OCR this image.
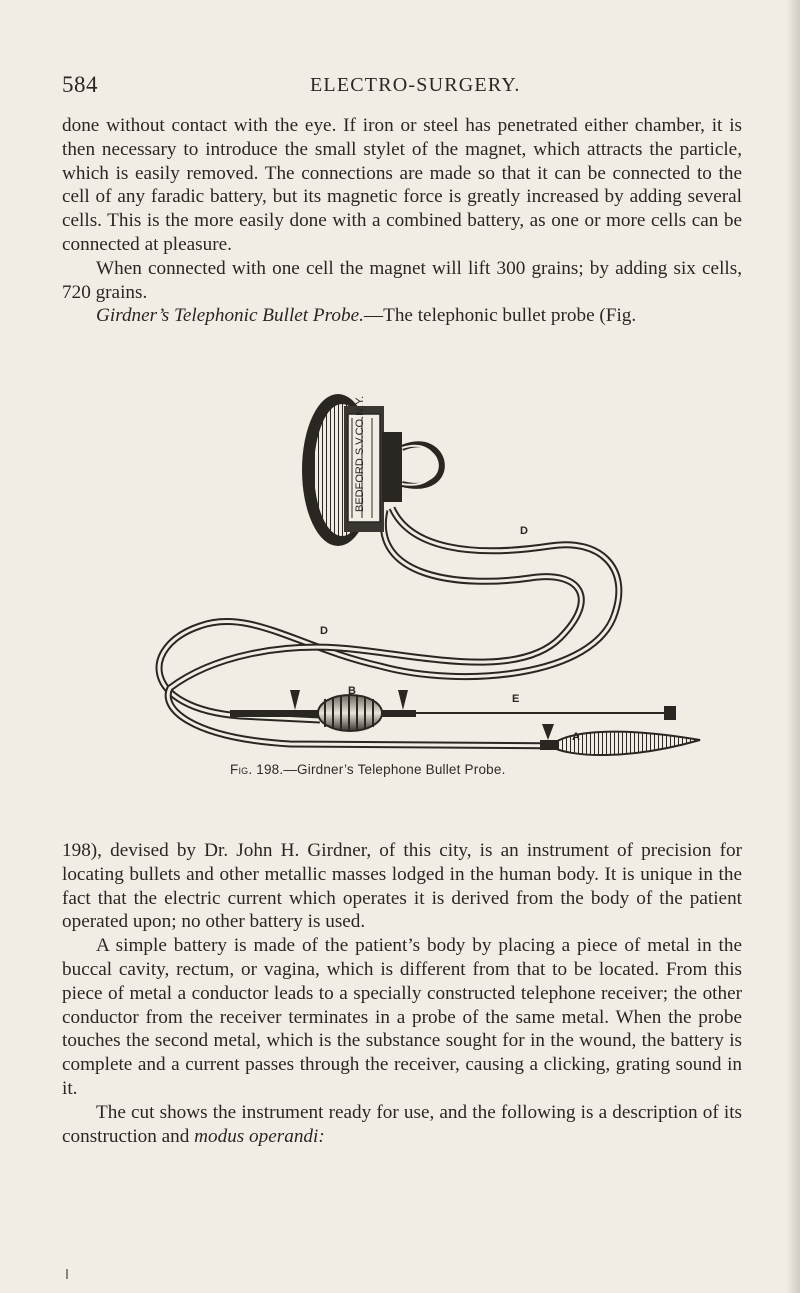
584	ELECTRO-SURGERY.

done without contact with the eye. If iron or steel has penetrated either chamber, it is then necessary to introduce the small stylet of the magnet, which attracts the particle, which is easily removed. The connections are made so that it can be connected to the cell of any faradic battery, but its magnetic force is greatly increased by adding several cells. This is the more easily done with a combined battery, as one or more cells can be connected at pleasure.

When connected with one cell the magnet will lift 300 grains; by adding six cells, 720 grains.

Girdner’s Telephonic Bullet Probe.—The telephonic bullet probe (Fig.

BEDFORD S.V.CO.N.Y.
D
D
B
E
A
Fig. 198.—Girdner’s Telephone Bullet Probe.

198), devised by Dr. John H. Girdner, of this city, is an instrument of precision for locating bullets and other metallic masses lodged in the human body. It is unique in the fact that the electric current which operates it is derived from the body of the patient operated upon; no other battery is used.

A simple battery is made of the patient’s body by placing a piece of metal in the buccal cavity, rectum, or vagina, which is different from that to be located. From this piece of metal a conductor leads to a specially constructed telephone receiver; the other conductor from the receiver terminates in a probe of the same metal. When the probe touches the second metal, which is the substance sought for in the wound, the battery is complete and a current passes through the receiver, causing a clicking, grating sound in it.

The cut shows the instrument ready for use, and the following is a description of its construction and modus operandi:
